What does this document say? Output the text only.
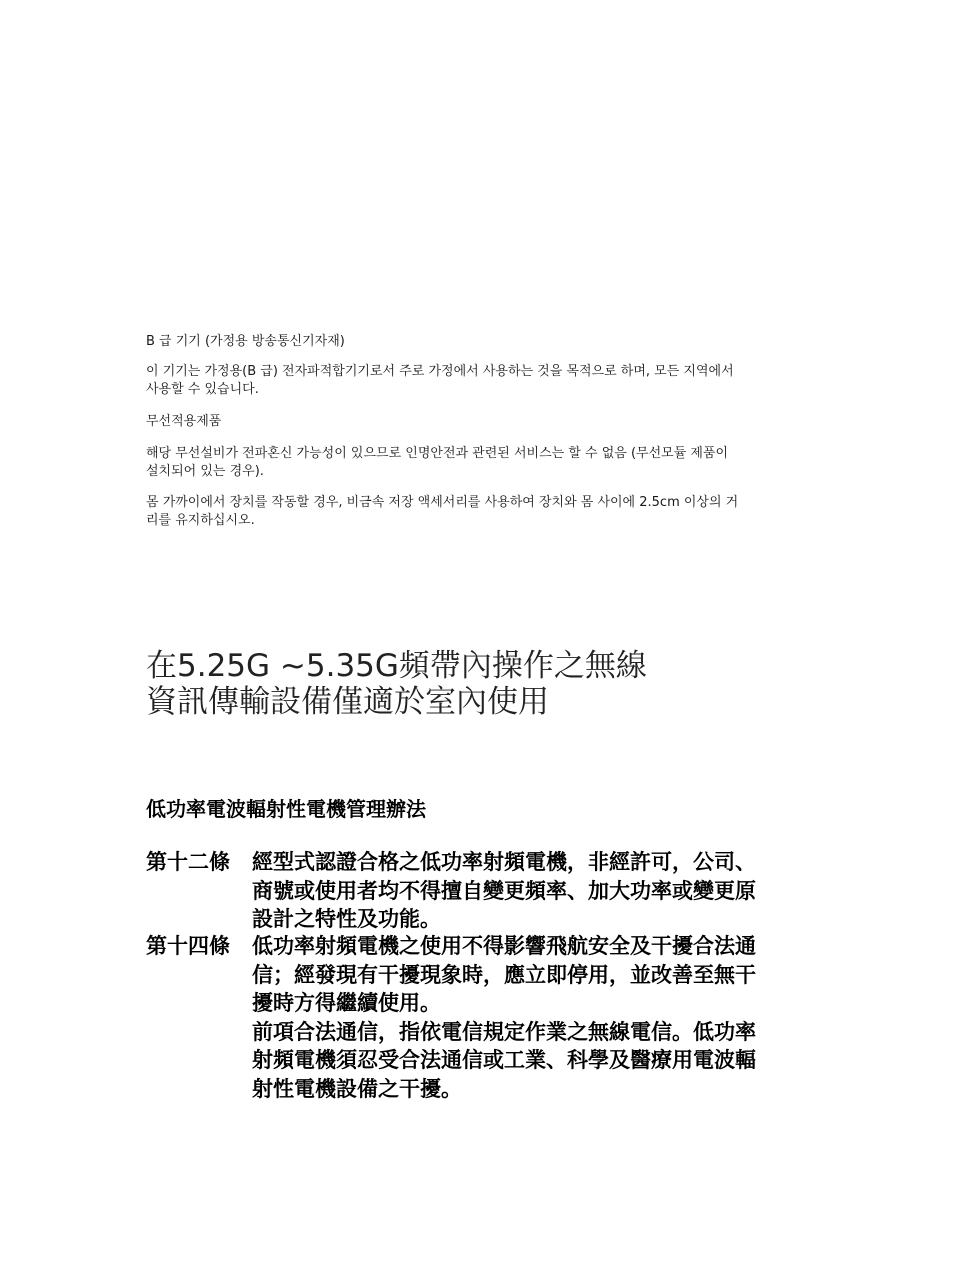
B 급 기기 (가정용 방송통신기자재)
이 기기는 가정용(B 급) 전자파적합기기로서 주로 가정에서 사용하는 것을 목적으로 하며, 모든 지역에서
사용할 수 있습니다.
무선적용제품
해당 무선설비가 전파혼신 가능성이 있으므로 인명안전과 관련된 서비스는 할 수 없음 (무선모듈 제품이
설치되어 있는 경우).
몸 가까이에서 장치를 작동할 경우, 비금속 저장 액세서리를 사용하여 장치와 몸 사이에 2.5cm 이상의 거
리를 유지하십시오.
在5.25G ~5.35G頻帶內操作之無線
資訊傳輸設備僅適於室內使用
低功率電波輻射性電機管理辦法
第十二條 經型式認證合格之低功率射頻電機，非經許可，公司、
商號或使用者均不得擅自變更頻率、加大功率或變更原
設計之特性及功能。
第十四條 低功率射頻電機之使用不得影響飛航安全及干擾合法通
信；經發現有干擾現象時，應立即停用，並改善至無干
擾時方得繼續使用。
前項合法通信，指依電信規定作業之無線電信。低功率
射頻電機須忍受合法通信或工業、科學及醫療用電波輻
射性電機設備之干擾。
